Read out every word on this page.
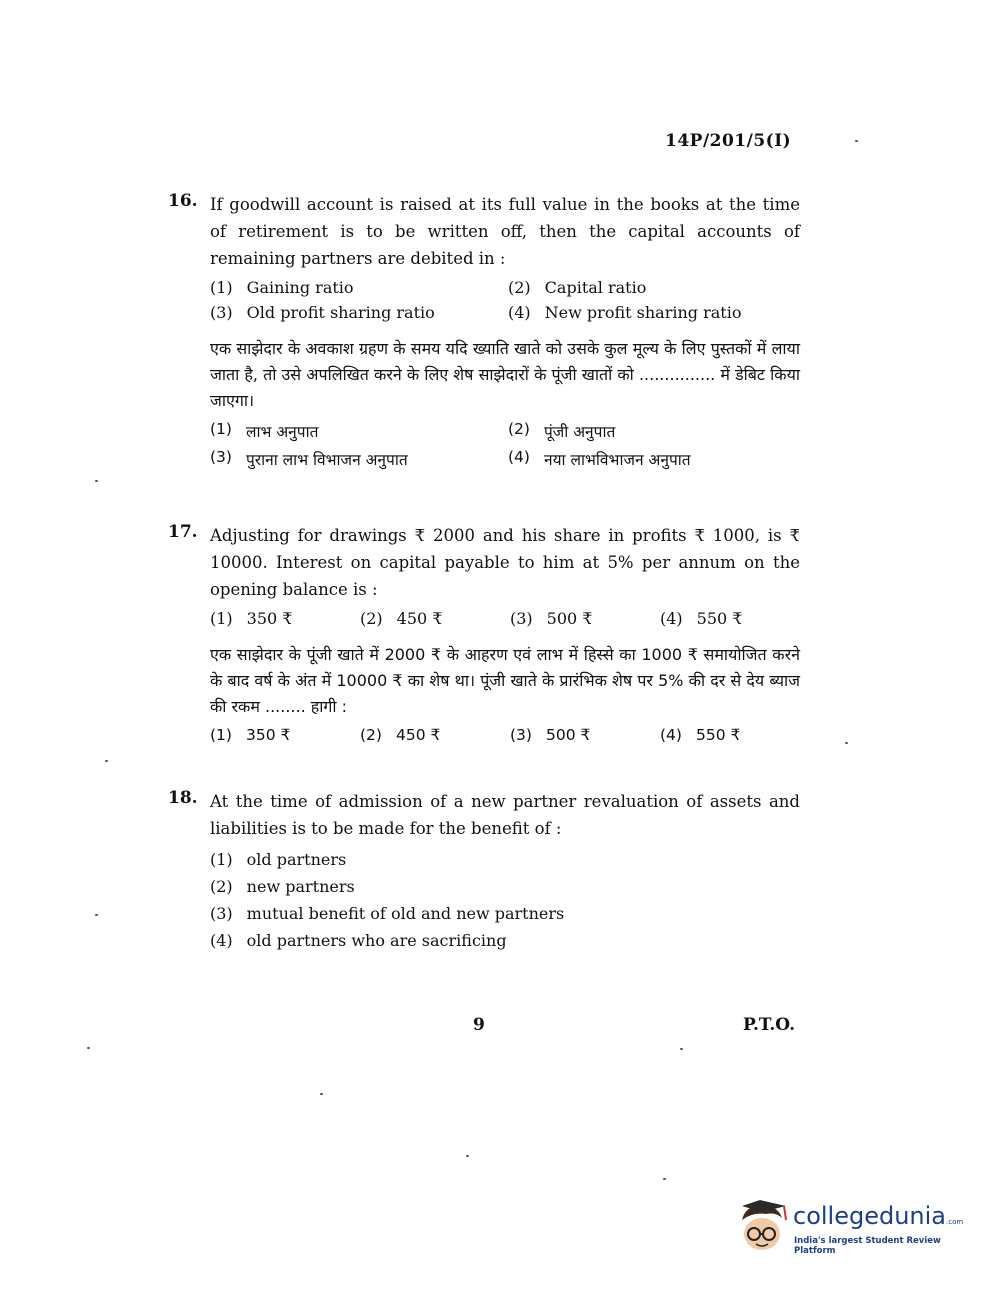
14P/201/5(I)
16. If goodwill account is raised at its full value in the books at the time of retirement is to be written off, then the capital accounts of remaining partners are debited in :
(1) Gaining ratio	(2) Capital ratio
(3) Old profit sharing ratio	(4) New profit sharing ratio
एक साझेदार के अवकाश ग्रहण के समय यदि ख्याति खाते को उसके कुल मूल्य के लिए पुस्तकों में लाया जाता है, तो उसे अपलिखित करने के लिए शेष साझेदारों के पूंजी खातों को ............... में डेबिट किया जाएगा।
(1) लाभ अनुपात	(2) पूंजी अनुपात
(3) पुराना लाभ विभाजन अनुपात	(4) नया लाभविभाजन अनुपात
17. Adjusting for drawings ₹ 2000 and his share in profits ₹ 1000, is ₹ 10000. Interest on capital payable to him at 5% per annum on the opening balance is :
(1) 350 ₹	(2) 450 ₹	(3) 500 ₹	(4) 550 ₹
एक साझेदार के पूंजी खाते में 2000 ₹ के आहरण एवं लाभ में हिस्से का 1000 ₹ समायोजित करने के बाद वर्ष के अंत में 10000 ₹ का शेष था। पूंजी खाते के प्रारंभिक शेष पर 5% की दर से देय ब्याज की रकम ........ हागी :
(1) 350 ₹	(2) 450 ₹	(3) 500 ₹	(4) 550 ₹
18. At the time of admission of a new partner revaluation of assets and liabilities is to be made for the benefit of :
(1) old partners
(2) new partners
(3) mutual benefit of old and new partners
(4) old partners who are sacrificing
9	P.T.O.
collegedunia.com
India's largest Student Review Platform
